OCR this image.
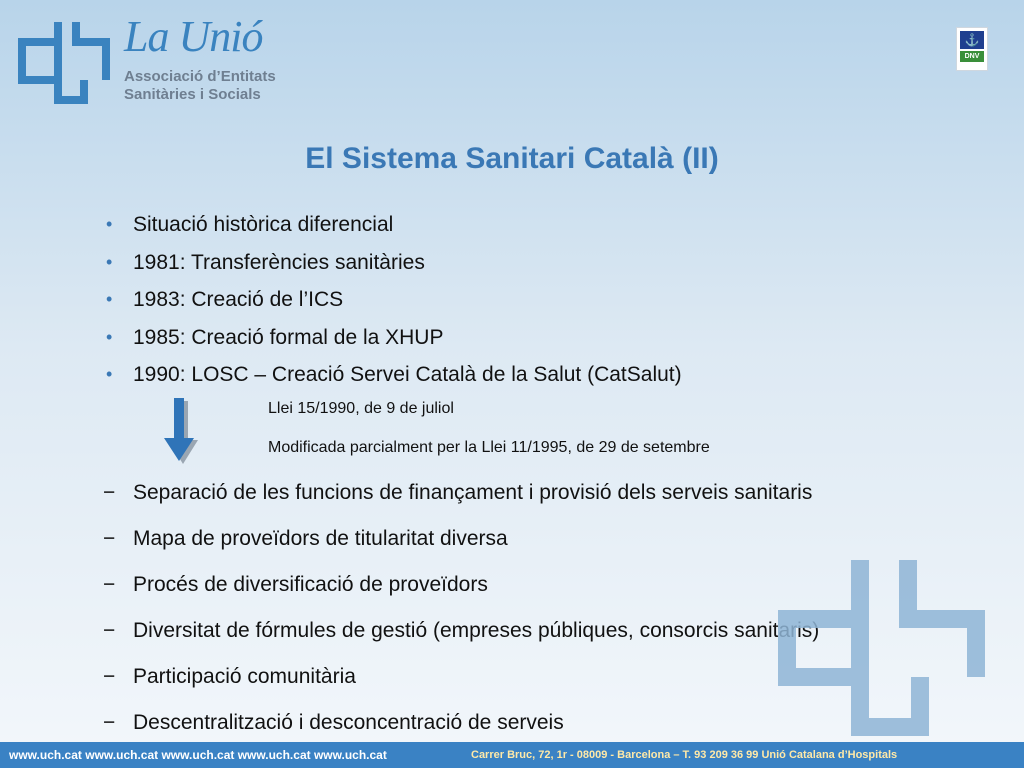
La Unió
Associació d’Entitats
Sanitàries i Socials
⚓
DNV
El Sistema Sanitari Català (II)
• Situació històrica diferencial
• 1981: Transferències sanitàries
• 1983: Creació de l’ICS
• 1985: Creació formal de la XHUP
• 1990: LOSC – Creació Servei Català de la Salut (CatSalut)
Llei 15/1990, de 9 de juliol
Modificada parcialment per la Llei 11/1995, de 29 de setembre
− Separació de les funcions de finançament i provisió dels serveis sanitaris
− Mapa de proveïdors de titularitat diversa
− Procés de diversificació de proveïdors
− Diversitat de fórmules de gestió (empreses públiques, consorcis sanitaris)
− Participació comunitària
− Descentralització i desconcentració de serveis
www.uch.cat www.uch.cat www.uch.cat www.uch.cat www.uch.cat	Carrer Bruc, 72, 1r - 08009 - Barcelona – T. 93 209 36 99 Unió Catalana d’Hospitals
